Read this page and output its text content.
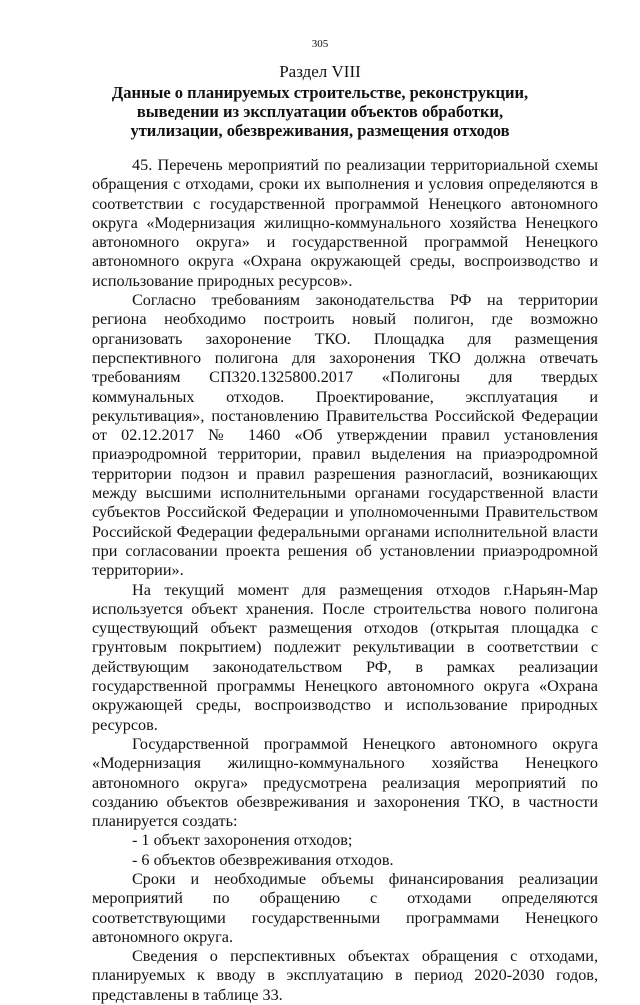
305
Раздел VIII
Данные о планируемых строительстве, реконструкции, выведении из эксплуатации объектов обработки, утилизации, обезвреживания, размещения отходов

45. Перечень мероприятий по реализации территориальной схемы обращения с отходами, сроки их выполнения и условия определяются в соответствии с государственной программой Ненецкого автономного округа «Модернизация жилищно-коммунального хозяйства Ненецкого автономного округа» и государственной программой Ненецкого автономного округа «Охрана окружающей среды, воспроизводство и использование природных ресурсов».

Согласно требованиям законодательства РФ на территории региона необходимо построить новый полигон, где возможно организовать захоронение ТКО. Площадка для размещения перспективного полигона для захоронения ТКО должна отвечать требованиям СП320.1325800.2017 «Полигоны для твердых коммунальных отходов. Проектирование, эксплуатация и рекультивация», постановлению Правительства Российской Федерации от 02.12.2017 № 1460 «Об утверждении правил установления приаэродромной территории, правил выделения на приаэродромной территории подзон и правил разрешения разногласий, возникающих между высшими исполнительными органами государственной власти субъектов Российской Федерации и уполномоченными Правительством Российской Федерации федеральными органами исполнительной власти при согласовании проекта решения об установлении приаэродромной территории».

На текущий момент для размещения отходов г.Нарьян-Мар используется объект хранения. После строительства нового полигона существующий объект размещения отходов (открытая площадка с грунтовым покрытием) подлежит рекультивации в соответствии с действующим законодательством РФ, в рамках реализации государственной программы Ненецкого автономного округа «Охрана окружающей среды, воспроизводство и использование природных ресурсов.

Государственной программой Ненецкого автономного округа «Модернизация жилищно-коммунального хозяйства Ненецкого автономного округа» предусмотрена реализация мероприятий по созданию объектов обезвреживания и захоронения ТКО, в частности планируется создать:

- 1 объект захоронения отходов;

- 6 объектов обезвреживания отходов.

Сроки и необходимые объемы финансирования реализации мероприятий по обращению с отходами определяются соответствующими государственными программами Ненецкого автономного округа.

Сведения о перспективных объектах обращения с отходами, планируемых к вводу в эксплуатацию в период 2020-2030 годов, представлены в таблице 33.
